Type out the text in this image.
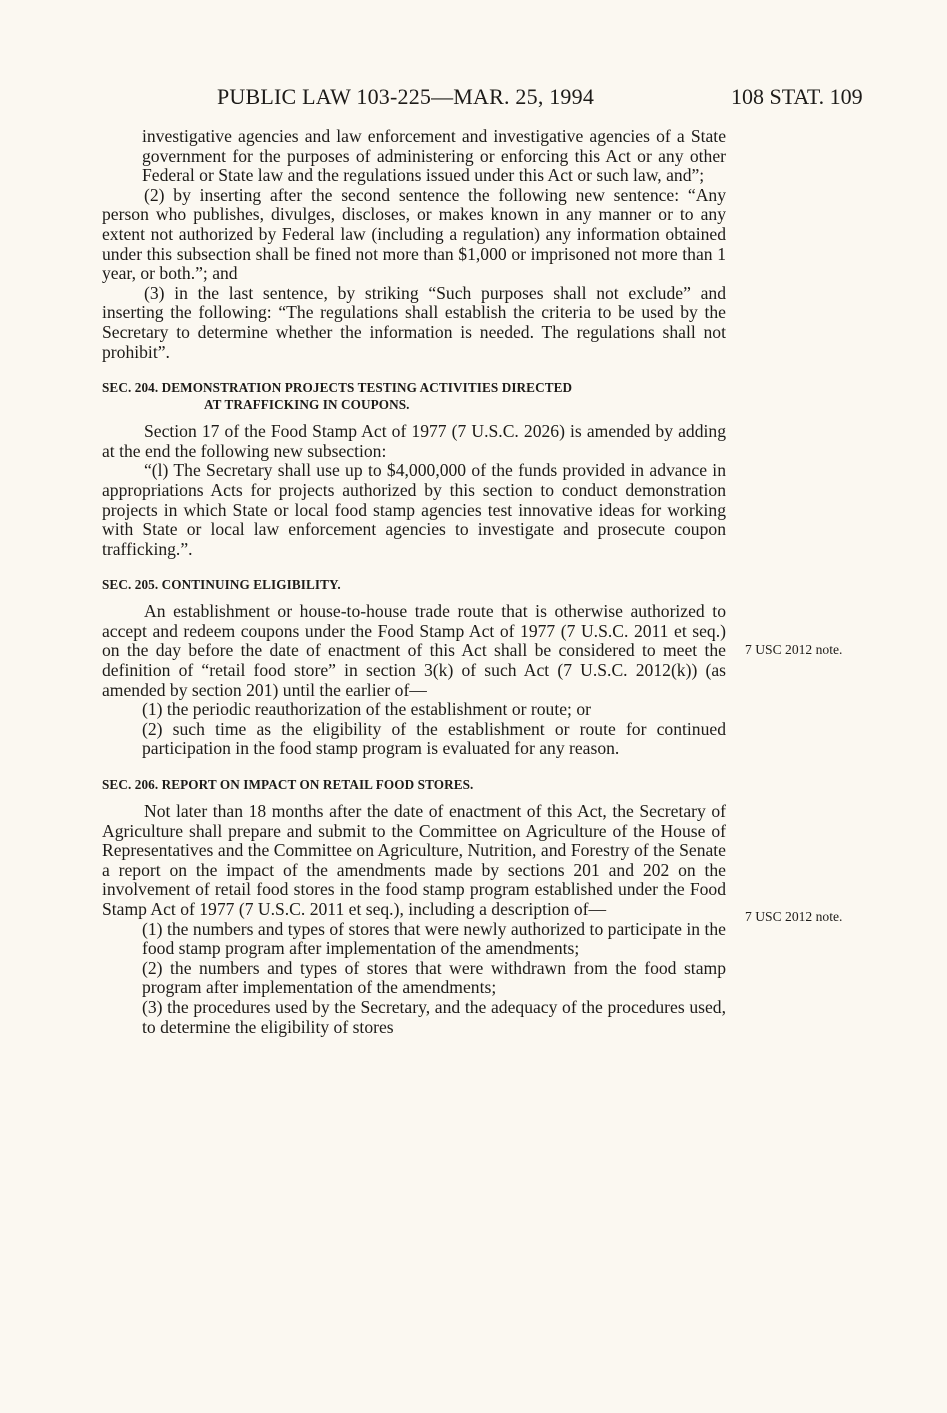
PUBLIC LAW 103-225—MAR. 25, 1994	108 STAT. 109

investigative agencies and law enforcement and investigative agencies of a State government for the purposes of administering or enforcing this Act or any other Federal or State law and the regulations issued under this Act or such law, and”;

(2) by inserting after the second sentence the following new sentence: “Any person who publishes, divulges, discloses, or makes known in any manner or to any extent not authorized by Federal law (including a regulation) any information obtained under this subsection shall be fined not more than $1,000 or imprisoned not more than 1 year, or both.”; and

(3) in the last sentence, by striking “Such purposes shall not exclude” and inserting the following: “The regulations shall establish the criteria to be used by the Secretary to determine whether the information is needed. The regulations shall not prohibit”.

SEC. 204. DEMONSTRATION PROJECTS TESTING ACTIVITIES DIRECTED
AT TRAFFICKING IN COUPONS.

Section 17 of the Food Stamp Act of 1977 (7 U.S.C. 2026) is amended by adding at the end the following new subsection:

“(l) The Secretary shall use up to $4,000,000 of the funds provided in advance in appropriations Acts for projects authorized by this section to conduct demonstration projects in which State or local food stamp agencies test innovative ideas for working with State or local law enforcement agencies to investigate and prosecute coupon trafficking.”.

SEC. 205. CONTINUING ELIGIBILITY.

An establishment or house-to-house trade route that is otherwise authorized to accept and redeem coupons under the Food Stamp Act of 1977 (7 U.S.C. 2011 et seq.) on the day before the date of enactment of this Act shall be considered to meet the definition of “retail food store” in section 3(k) of such Act (7 U.S.C. 2012(k)) (as amended by section 201) until the earlier of—

(1) the periodic reauthorization of the establishment or route; or

(2) such time as the eligibility of the establishment or route for continued participation in the food stamp program is evaluated for any reason.

SEC. 206. REPORT ON IMPACT ON RETAIL FOOD STORES.

Not later than 18 months after the date of enactment of this Act, the Secretary of Agriculture shall prepare and submit to the Committee on Agriculture of the House of Representatives and the Committee on Agriculture, Nutrition, and Forestry of the Senate a report on the impact of the amendments made by sections 201 and 202 on the involvement of retail food stores in the food stamp program established under the Food Stamp Act of 1977 (7 U.S.C. 2011 et seq.), including a description of—

(1) the numbers and types of stores that were newly authorized to participate in the food stamp program after implementation of the amendments;

(2) the numbers and types of stores that were withdrawn from the food stamp program after implementation of the amendments;

(3) the procedures used by the Secretary, and the adequacy of the procedures used, to determine the eligibility of stores

7 USC 2012 note.
7 USC 2012 note.
